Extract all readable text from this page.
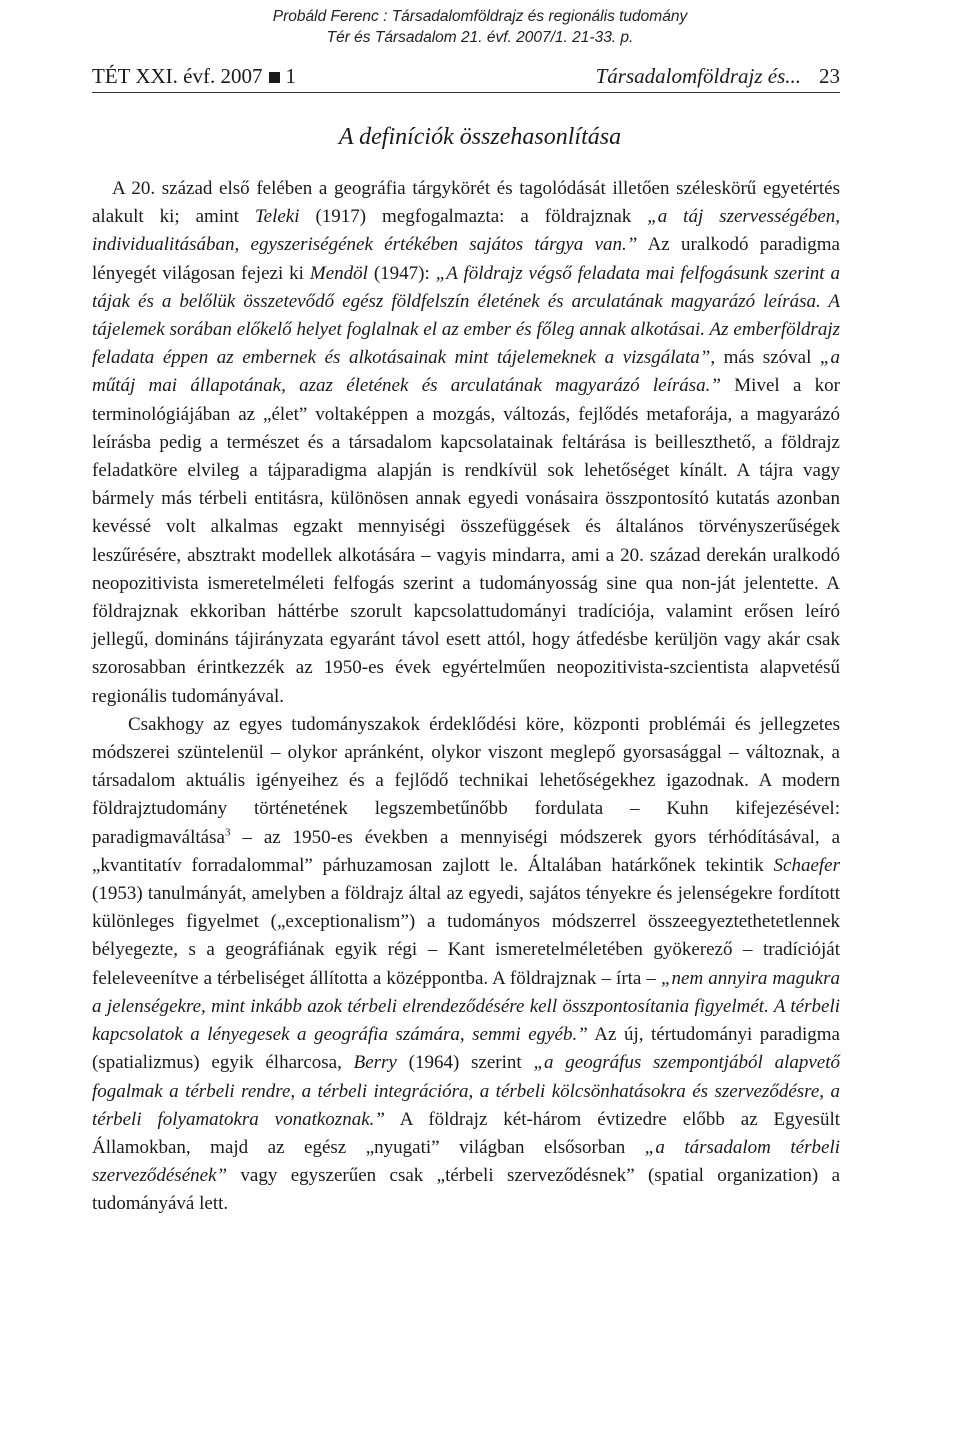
Probáld Ferenc : Társadalomföldrajz és regionális tudomány
Tér és Társadalom 21. évf. 2007/1. 21-33. p.
TÉT XXI. évf. 2007 1	Társadalomföldrajz és... 23
A definíciók összehasonlítása

A 20. század első felében a geográfia tárgykörét és tagolódását illetően széleskörű egyetértés alakult ki; amint Teleki (1917) megfogalmazta: a földrajznak „a táj szervességében, individualitásában, egyszeriségének értékében sajátos tárgya van.” Az uralkodó paradigma lényegét világosan fejezi ki Mendöl (1947): „A földrajz végső feladata mai felfogásunk szerint a tájak és a belőlük összetevődő egész földfelszín életének és arculatának magyarázó leírása. A tájelemek sorában előkelő helyet foglalnak el az ember és főleg annak alkotásai. Az emberföldrajz feladata éppen az embernek és alkotásainak mint tájelemeknek a vizsgálata”, más szóval „a műtáj mai állapotának, azaz életének és arculatának magyarázó leírása.” Mivel a kor terminológiájában az „élet” voltaképpen a mozgás, változás, fejlődés metaforája, a magyarázó leírásba pedig a természet és a társadalom kapcsolatainak feltárása is beilleszthető, a földrajz feladatköre elvileg a tájparadigma alapján is rendkívül sok lehetőséget kínált. A tájra vagy bármely más térbeli entitásra, különösen annak egyedi vonásaira összpontosító kutatás azonban kevéssé volt alkalmas egzakt mennyiségi összefüggések és általános törvényszerűségek leszűrésére, absztrakt modellek alkotására – vagyis mindarra, ami a 20. század derekán uralkodó neopozitivista ismeretelméleti felfogás szerint a tudományosság sine qua non-ját jelentette. A földrajznak ekkoriban háttérbe szorult kapcsolattudományi tradíciója, valamint erősen leíró jellegű, domináns tájirányzata egyaránt távol esett attól, hogy átfedésbe kerüljön vagy akár csak szorosabban érintkezzék az 1950-es évek egyértelműen neopozitivista-szcientista alapvetésű regionális tudományával.

Csakhogy az egyes tudományszakok érdeklődési köre, központi problémái és jellegzetes módszerei szüntelenül – olykor apránként, olykor viszont meglepő gyorsasággal – változnak, a társadalom aktuális igényeihez és a fejlődő technikai lehetőségekhez igazodnak. A modern földrajztudomány történetének legszembetűnőbb fordulata – Kuhn kifejezésével: paradigmaváltása$^3$ – az 1950-es években a mennyiségi módszerek gyors térhódításával, a „kvantitatív forradalommal” párhuzamosan zajlott le. Általában határkőnek tekintik Schaefer (1953) tanulmányát, amelyben a földrajz által az egyedi, sajátos tényekre és jelenségekre fordított különleges figyelmet („exceptionalism”) a tudományos módszerrel összeegyeztethetetlennek bélyegezte, s a geográfiának egyik régi – Kant ismeretelméletében gyökerező – tradícióját feleleveenítve a térbeliséget állította a középpontba. A földrajznak – írta – „nem annyira magukra a jelenségekre, mint inkább azok térbeli elrendeződésére kell összpontosítania figyelmét. A térbeli kapcsolatok a lényegesek a geográfia számára, semmi egyéb.” Az új, tértudományi paradigma (spatializmus) egyik élharcosa, Berry (1964) szerint „a geográfus szempontjából alapvető fogalmak a térbeli rendre, a térbeli integrációra, a térbeli kölcsönhatásokra és szerveződésre, a térbeli folyamatokra vonatkoznak.” A földrajz két-három évtizedre előbb az Egyesült Államokban, majd az egész „nyugati” világban elsősorban „a társadalom térbeli szerveződésének” vagy egyszerűen csak „térbeli szerveződésnek” (spatial organization) a tudományává lett.
